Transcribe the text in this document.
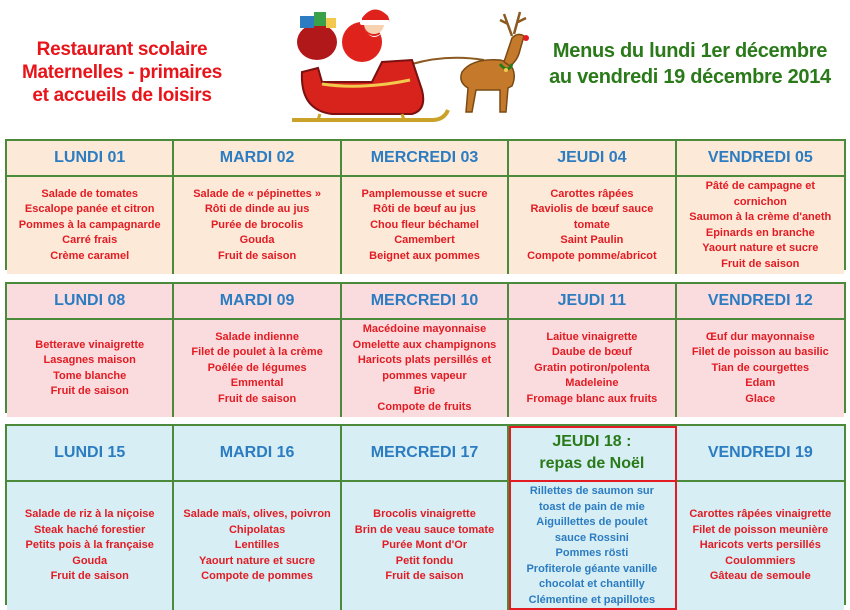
Restaurant scolaire
Maternelles - primaires
et accueils de loisirs
Menus du lundi 1er décembre
au vendredi 19 décembre 2014
LUNDI 01
Salade de tomates
Escalope panée et citron
Pommes à la campagnarde
Carré frais
Crème caramel
MARDI 02
Salade de « pépinettes »
Rôti de dinde au jus
Purée de brocolis
Gouda
Fruit de saison
MERCREDI 03
Pamplemousse et sucre
Rôti de bœuf au jus
Chou fleur béchamel
Camembert
Beignet aux pommes
JEUDI 04
Carottes râpées
Raviolis de bœuf sauce
tomate
Saint Paulin
Compote pomme/abricot
VENDREDI 05
Pâté de campagne et
cornichon
Saumon à la crème d'aneth
Epinards en branche
Yaourt nature et sucre
Fruit de saison
LUNDI 08
Betterave vinaigrette
Lasagnes maison
Tome blanche
Fruit de saison
MARDI 09
Salade indienne
Filet de poulet à la crème
Poêlée de légumes
Emmental
Fruit de saison
MERCREDI 10
Macédoine mayonnaise
Omelette aux champignons
Haricots plats persillés et
pommes vapeur
Brie
Compote de fruits
JEUDI 11
Laitue vinaigrette
Daube de bœuf
Gratin potiron/polenta
Madeleine
Fromage blanc aux fruits
VENDREDI 12
Œuf dur mayonnaise
Filet de poisson au basilic
Tian de courgettes
Edam
Glace
LUNDI 15
Salade de riz à la niçoise
Steak haché forestier
Petits pois à la française
Gouda
Fruit de saison
MARDI 16
Salade maïs, olives, poivron
Chipolatas
Lentilles
Yaourt nature et sucre
Compote de pommes
MERCREDI 17
Brocolis vinaigrette
Brin de veau sauce tomate
Purée Mont d'Or
Petit fondu
Fruit de saison
JEUDI 18 :
repas de Noël
Rillettes de saumon sur
toast de pain de mie
Aiguillettes de poulet
sauce Rossini
Pommes rösti
Profiterole géante vanille
chocolat et chantilly
Clémentine et papillotes
VENDREDI 19
Carottes râpées vinaigrette
Filet de poisson meunière
Haricots verts persillés
Coulommiers
Gâteau de semoule
